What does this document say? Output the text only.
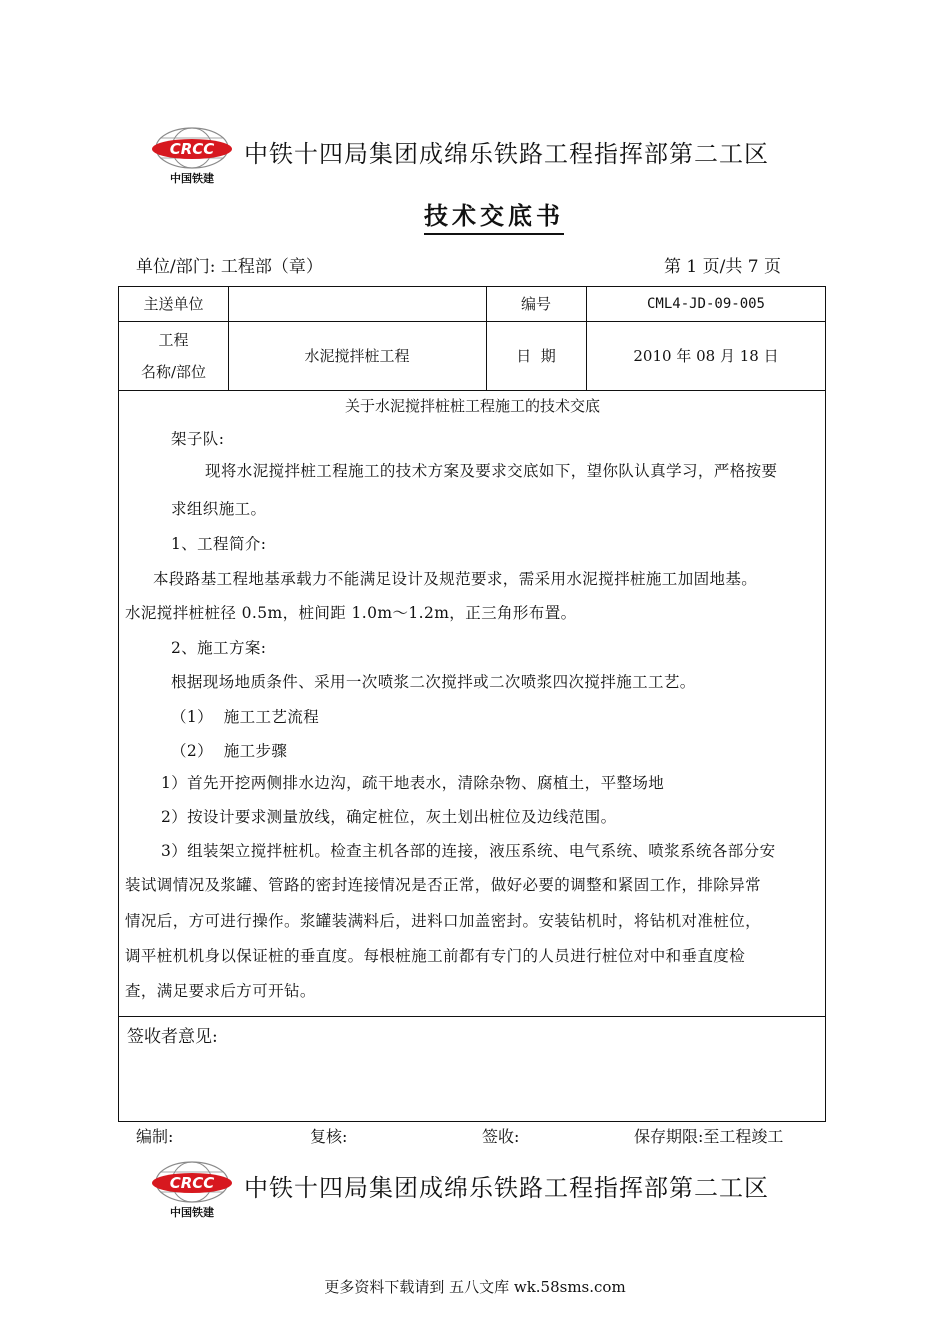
CRCC
中国铁建
中铁十四局集团成绵乐铁路工程指挥部第二工区
技术交底书
单位/部门: 工程部（章）	第 1 页/共 7 页
主送单位	编号	CML4-JD-09-005
工程
名称/部位
水泥搅拌桩工程	日  期	2010 年 08 月 18 日
关于水泥搅拌桩桩工程施工的技术交底
架子队:
现将水泥搅拌桩工程施工的技术方案及要求交底如下，望你队认真学习，严格按要
求组织施工。
1、工程简介:
本段路基工程地基承载力不能满足设计及规范要求，需采用水泥搅拌桩施工加固地基。
水泥搅拌桩桩径 0.5m，桩间距 1.0m～1.2m，正三角形布置。
2、施工方案:
根据现场地质条件、采用一次喷浆二次搅拌或二次喷浆四次搅拌施工工艺。
（1）  施工工艺流程
（2）  施工步骤
1）首先开挖两侧排水边沟，疏干地表水，清除杂物、腐植土，平整场地
2）按设计要求测量放线，确定桩位，灰土划出桩位及边线范围。
3）组装架立搅拌桩机。检查主机各部的连接，液压系统、电气系统、喷浆系统各部分安
装试调情况及浆罐、管路的密封连接情况是否正常，做好必要的调整和紧固工作，排除异常
情况后，方可进行操作。浆罐装满料后，进料口加盖密封。安装钻机时，将钻机对准桩位，
调平桩机机身以保证桩的垂直度。每根桩施工前都有专门的人员进行桩位对中和垂直度检
查，满足要求后方可开钻。
签收者意见:
编制:	复核:	签收:	保存期限:至工程竣工
CRCC
中国铁建
中铁十四局集团成绵乐铁路工程指挥部第二工区
更多资料下载请到 五八文库 wk.58sms.com
